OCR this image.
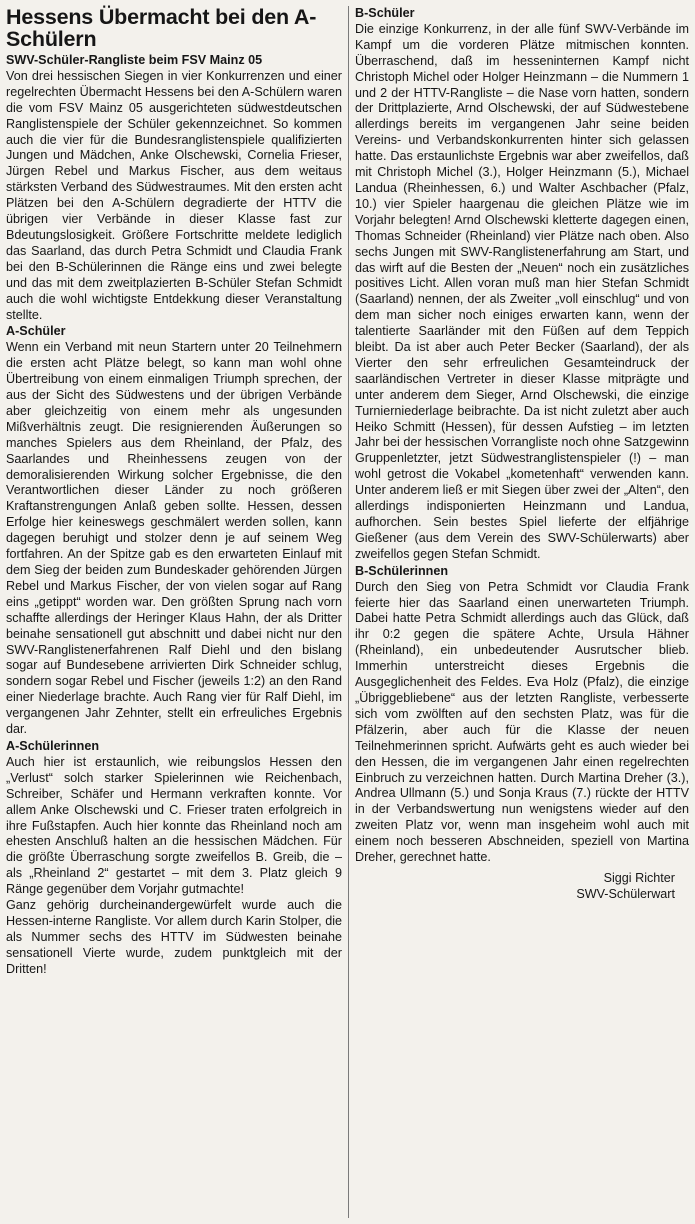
Hessens Übermacht bei den A-Schülern
SWV-Schüler-Rangliste beim FSV Mainz 05

Von drei hessischen Siegen in vier Konkurrenzen und einer regelrechten Übermacht Hessens bei den A-Schülern waren die vom FSV Mainz 05 ausgerichteten südwestdeutschen Ranglistenspiele der Schüler gekennzeichnet. So kommen auch die vier für die Bundesranglistenspiele qualifizierten Jungen und Mädchen, Anke Olschewski, Cornelia Frieser, Jürgen Rebel und Markus Fischer, aus dem weitaus stärksten Verband des Südwestraumes. Mit den ersten acht Plätzen bei den A-Schülern degradierte der HTTV die übrigen vier Verbände in dieser Klasse fast zur Bdeutungslosigkeit. Größere Fortschritte meldete lediglich das Saarland, das durch Petra Schmidt und Claudia Frank bei den B-Schülerinnen die Ränge eins und zwei belegte und das mit dem zweitplazierten B-Schüler Stefan Schmidt auch die wohl wichtigste Entdekkung dieser Veranstaltung stellte.

A-Schüler

Wenn ein Verband mit neun Startern unter 20 Teilnehmern die ersten acht Plätze belegt, so kann man wohl ohne Übertreibung von einem einmaligen Triumph sprechen, der aus der Sicht des Südwestens und der übrigen Verbände aber gleichzeitig von einem mehr als ungesunden Mißverhältnis zeugt. Die resignierenden Äußerungen so manches Spielers aus dem Rheinland, der Pfalz, des Saarlandes und Rheinhessens zeugen von der demoralisierenden Wirkung solcher Ergebnisse, die den Verantwortlichen dieser Länder zu noch größeren Kraftanstrengungen Anlaß geben sollte. Hessen, dessen Erfolge hier keineswegs geschmälert werden sollen, kann dagegen beruhigt und stolzer denn je auf seinem Weg fortfahren. An der Spitze gab es den erwarteten Einlauf mit dem Sieg der beiden zum Bundeskader gehörenden Jürgen Rebel und Markus Fischer, der von vielen sogar auf Rang eins „getippt“ worden war. Den größten Sprung nach vorn schaffte allerdings der Heringer Klaus Hahn, der als Dritter beinahe sensationell gut abschnitt und dabei nicht nur den SWV-Ranglistenerfahrenen Ralf Diehl und den bislang sogar auf Bundesebene arrivierten Dirk Schneider schlug, sondern sogar Rebel und Fischer (jeweils 1:2) an den Rand einer Niederlage brachte. Auch Rang vier für Ralf Diehl, im vergangenen Jahr Zehnter, stellt ein erfreuliches Ergebnis dar.

A-Schülerinnen

Auch hier ist erstaunlich, wie reibungslos Hessen den „Verlust“ solch starker Spielerinnen wie Reichenbach, Schreiber, Schäfer und Hermann verkraften konnte. Vor allem Anke Olschewski und C. Frieser traten erfolgreich in ihre Fußstapfen. Auch hier konnte das Rheinland noch am ehesten Anschluß halten an die hessischen Mädchen. Für die größte Überraschung sorgte zweifellos B. Greib, die – als „Rheinland 2“ gestartet – mit dem 3. Platz gleich 9 Ränge gegenüber dem Vorjahr gutmachte!

Ganz gehörig durcheinandergewürfelt wurde auch die Hessen-interne Rangliste. Vor allem durch Karin Stolper, die als Nummer sechs des HTTV im Südwesten beinahe sensationell Vierte wurde, zudem punktgleich mit der Dritten!

B-Schüler

Die einzige Konkurrenz, in der alle fünf SWV-Verbände im Kampf um die vorderen Plätze mitmischen konnten. Überraschend, daß im hesseninternen Kampf nicht Christoph Michel oder Holger Heinzmann – die Nummern 1 und 2 der HTTV-Rangliste – die Nase vorn hatten, sondern der Drittplazierte, Arnd Olschewski, der auf Südwestebene allerdings bereits im vergangenen Jahr seine beiden Vereins- und Verbandskonkurrenten hinter sich gelassen hatte. Das erstaunlichste Ergebnis war aber zweifellos, daß mit Christoph Michel (3.), Holger Heinzmann (5.), Michael Landua (Rheinhessen, 6.) und Walter Aschbacher (Pfalz, 10.) vier Spieler haargenau die gleichen Plätze wie im Vorjahr belegten! Arnd Olschewski kletterte dagegen einen, Thomas Schneider (Rheinland) vier Plätze nach oben. Also sechs Jungen mit SWV-Ranglistenerfahrung am Start, und das wirft auf die Besten der „Neuen“ noch ein zusätzliches positives Licht. Allen voran muß man hier Stefan Schmidt (Saarland) nennen, der als Zweiter „voll einschlug“ und von dem man sicher noch einiges erwarten kann, wenn der talentierte Saarländer mit den Füßen auf dem Teppich bleibt. Da ist aber auch Peter Becker (Saarland), der als Vierter den sehr erfreulichen Gesamteindruck der saarländischen Vertreter in dieser Klasse mitprägte und unter anderem dem Sieger, Arnd Olschewski, die einzige Turnierniederlage beibrachte. Da ist nicht zuletzt aber auch Heiko Schmitt (Hessen), für dessen Aufstieg – im letzten Jahr bei der hessischen Vorrangliste noch ohne Satzgewinn Gruppenletzter, jetzt Südwestranglistenspieler (!) – man wohl getrost die Vokabel „kometenhaft“ verwenden kann. Unter anderem ließ er mit Siegen über zwei der „Alten“, den allerdings indisponierten Heinzmann und Landua, aufhorchen. Sein bestes Spiel lieferte der elfjährige Gießener (aus dem Verein des SWV-Schülerwarts) aber zweifellos gegen Stefan Schmidt.

B-Schülerinnen

Durch den Sieg von Petra Schmidt vor Claudia Frank feierte hier das Saarland einen unerwarteten Triumph. Dabei hatte Petra Schmidt allerdings auch das Glück, daß ihr 0:2 gegen die spätere Achte, Ursula Hähner (Rheinland), ein unbedeutender Ausrutscher blieb. Immerhin unterstreicht dieses Ergebnis die Ausgeglichenheit des Feldes. Eva Holz (Pfalz), die einzige „Übriggebliebene“ aus der letzten Rangliste, verbesserte sich vom zwölften auf den sechsten Platz, was für die Pfälzerin, aber auch für die Klasse der neuen Teilnehmerinnen spricht. Aufwärts geht es auch wieder bei den Hessen, die im vergangenen Jahr einen regelrechten Einbruch zu verzeichnen hatten. Durch Martina Dreher (3.), Andrea Ullmann (5.) und Sonja Kraus (7.) rückte der HTTV in der Verbandswertung nun wenigstens wieder auf den zweiten Platz vor, wenn man insgeheim wohl auch mit einem noch besseren Abschneiden, speziell von Martina Dreher, gerechnet hatte.

Siggi Richter
SWV-Schülerwart
